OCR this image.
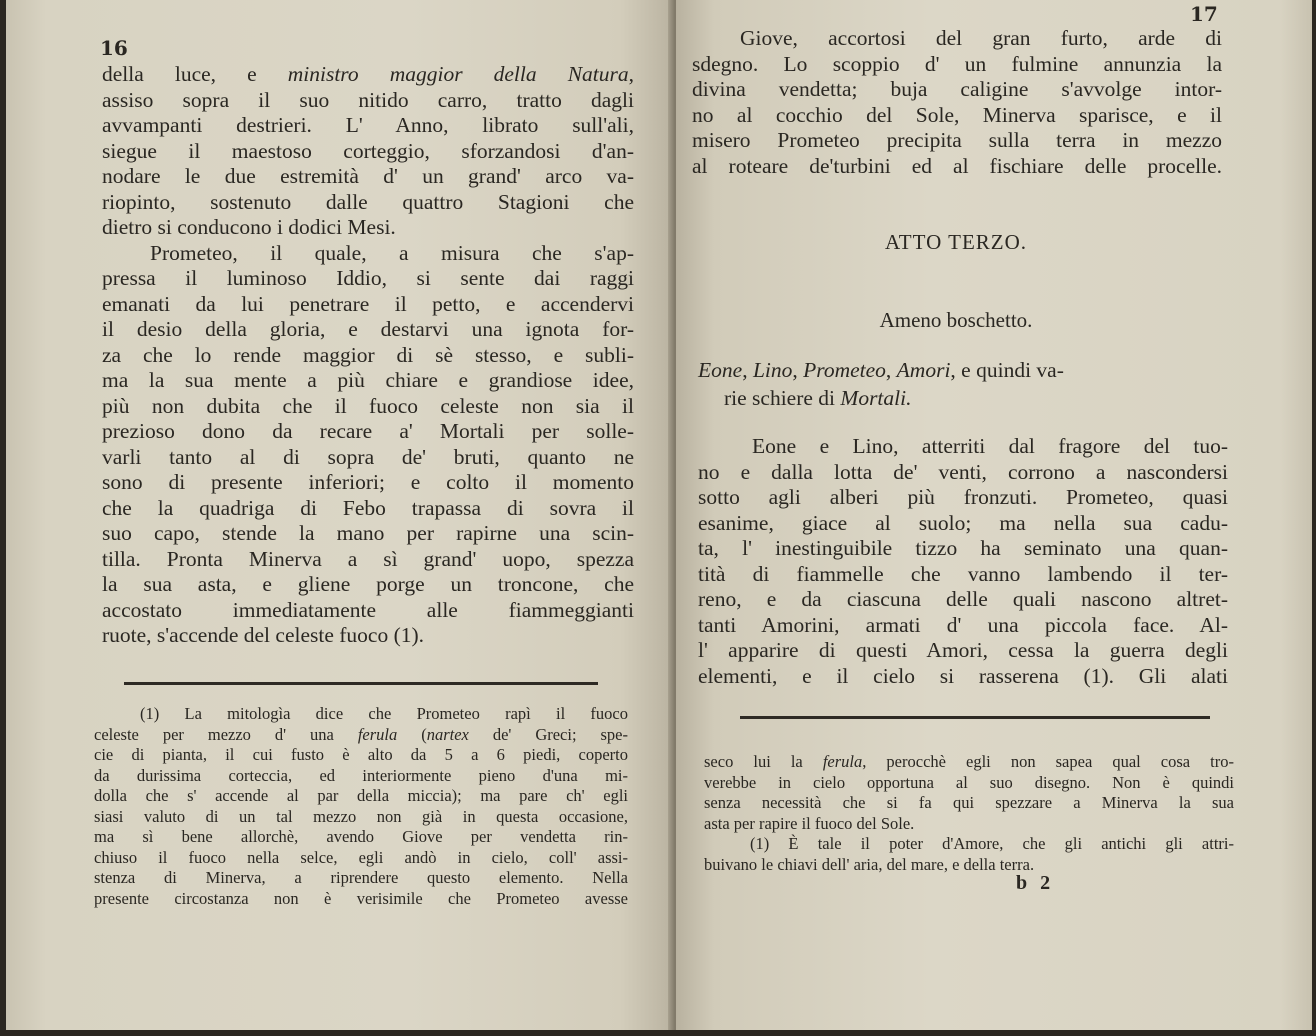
16
della luce, e ministro maggior della Natura,
assiso sopra il suo nitido carro, tratto dagli
avvampanti destrieri. L' Anno, librato sull'ali,
siegue il maestoso corteggio, sforzandosi d'an-
nodare le due estremità d' un grand' arco va-
riopinto, sostenuto dalle quattro Stagioni che
dietro si conducono i dodici Mesi.
Prometeo, il quale, a misura che s'ap-
pressa il luminoso Iddio, si sente dai raggi
emanati da lui penetrare il petto, e accendervi
il desio della gloria, e destarvi una ignota for-
za che lo rende maggior di sè stesso, e subli-
ma la sua mente a più chiare e grandiose idee,
più non dubita che il fuoco celeste non sia il
prezioso dono da recare a' Mortali per solle-
varli tanto al di sopra de' bruti, quanto ne
sono di presente inferiori; e colto il momento
che la quadriga di Febo trapassa di sovra il
suo capo, stende la mano per rapirne una scin-
tilla. Pronta Minerva a sì grand' uopo, spezza
la sua asta, e gliene porge un troncone, che
accostato immediatamente alle fiammeggianti
ruote, s'accende del celeste fuoco (1).
(1) La mitologìa dice che Prometeo rapì il fuoco
celeste per mezzo d' una ferula (nartex de' Greci; spe-
cie di pianta, il cui fusto è alto da 5 a 6 piedi, coperto
da durissima corteccia, ed interiormente pieno d'una mi-
dolla che s' accende al par della miccia); ma pare ch' egli
siasi valuto di un tal mezzo non già in questa occasione,
ma sì bene allorchè, avendo Giove per vendetta rin-
chiuso il fuoco nella selce, egli andò in cielo, coll' assi-
stenza di Minerva, a riprendere questo elemento. Nella
presente circostanza non è verisimile che Prometeo avesse
17
Giove, accortosi del gran furto, arde di
sdegno. Lo scoppio d' un fulmine annunzia la
divina vendetta; buja caligine s'avvolge intor-
no al cocchio del Sole, Minerva sparisce, e il
misero Prometeo precipita sulla terra in mezzo
al roteare de'turbini ed al fischiare delle procelle.
ATTO TERZO.
Ameno boschetto.
Eone, Lino, Prometeo, Amori, e quindi va-
rie schiere di Mortali.
Eone e Lino, atterriti dal fragore del tuo-
no e dalla lotta de' venti, corrono a nascondersi
sotto agli alberi più fronzuti. Prometeo, quasi
esanime, giace al suolo; ma nella sua cadu-
ta, l' inestinguibile tizzo ha seminato una quan-
tità di fiammelle che vanno lambendo il ter-
reno, e da ciascuna delle quali nascono altret-
tanti Amorini, armati d' una piccola face. Al-
l' apparire di questi Amori, cessa la guerra degli
elementi, e il cielo si rasserena (1). Gli alati
seco lui la ferula, perocchè egli non sapea qual cosa tro-
verebbe in cielo opportuna al suo disegno. Non è quindi
senza necessità che si fa qui spezzare a Minerva la sua
asta per rapire il fuoco del Sole.
(1) È tale il poter d'Amore, che gli antichi gli attri-
buivano le chiavi dell' aria, del mare, e della terra.
b 2
